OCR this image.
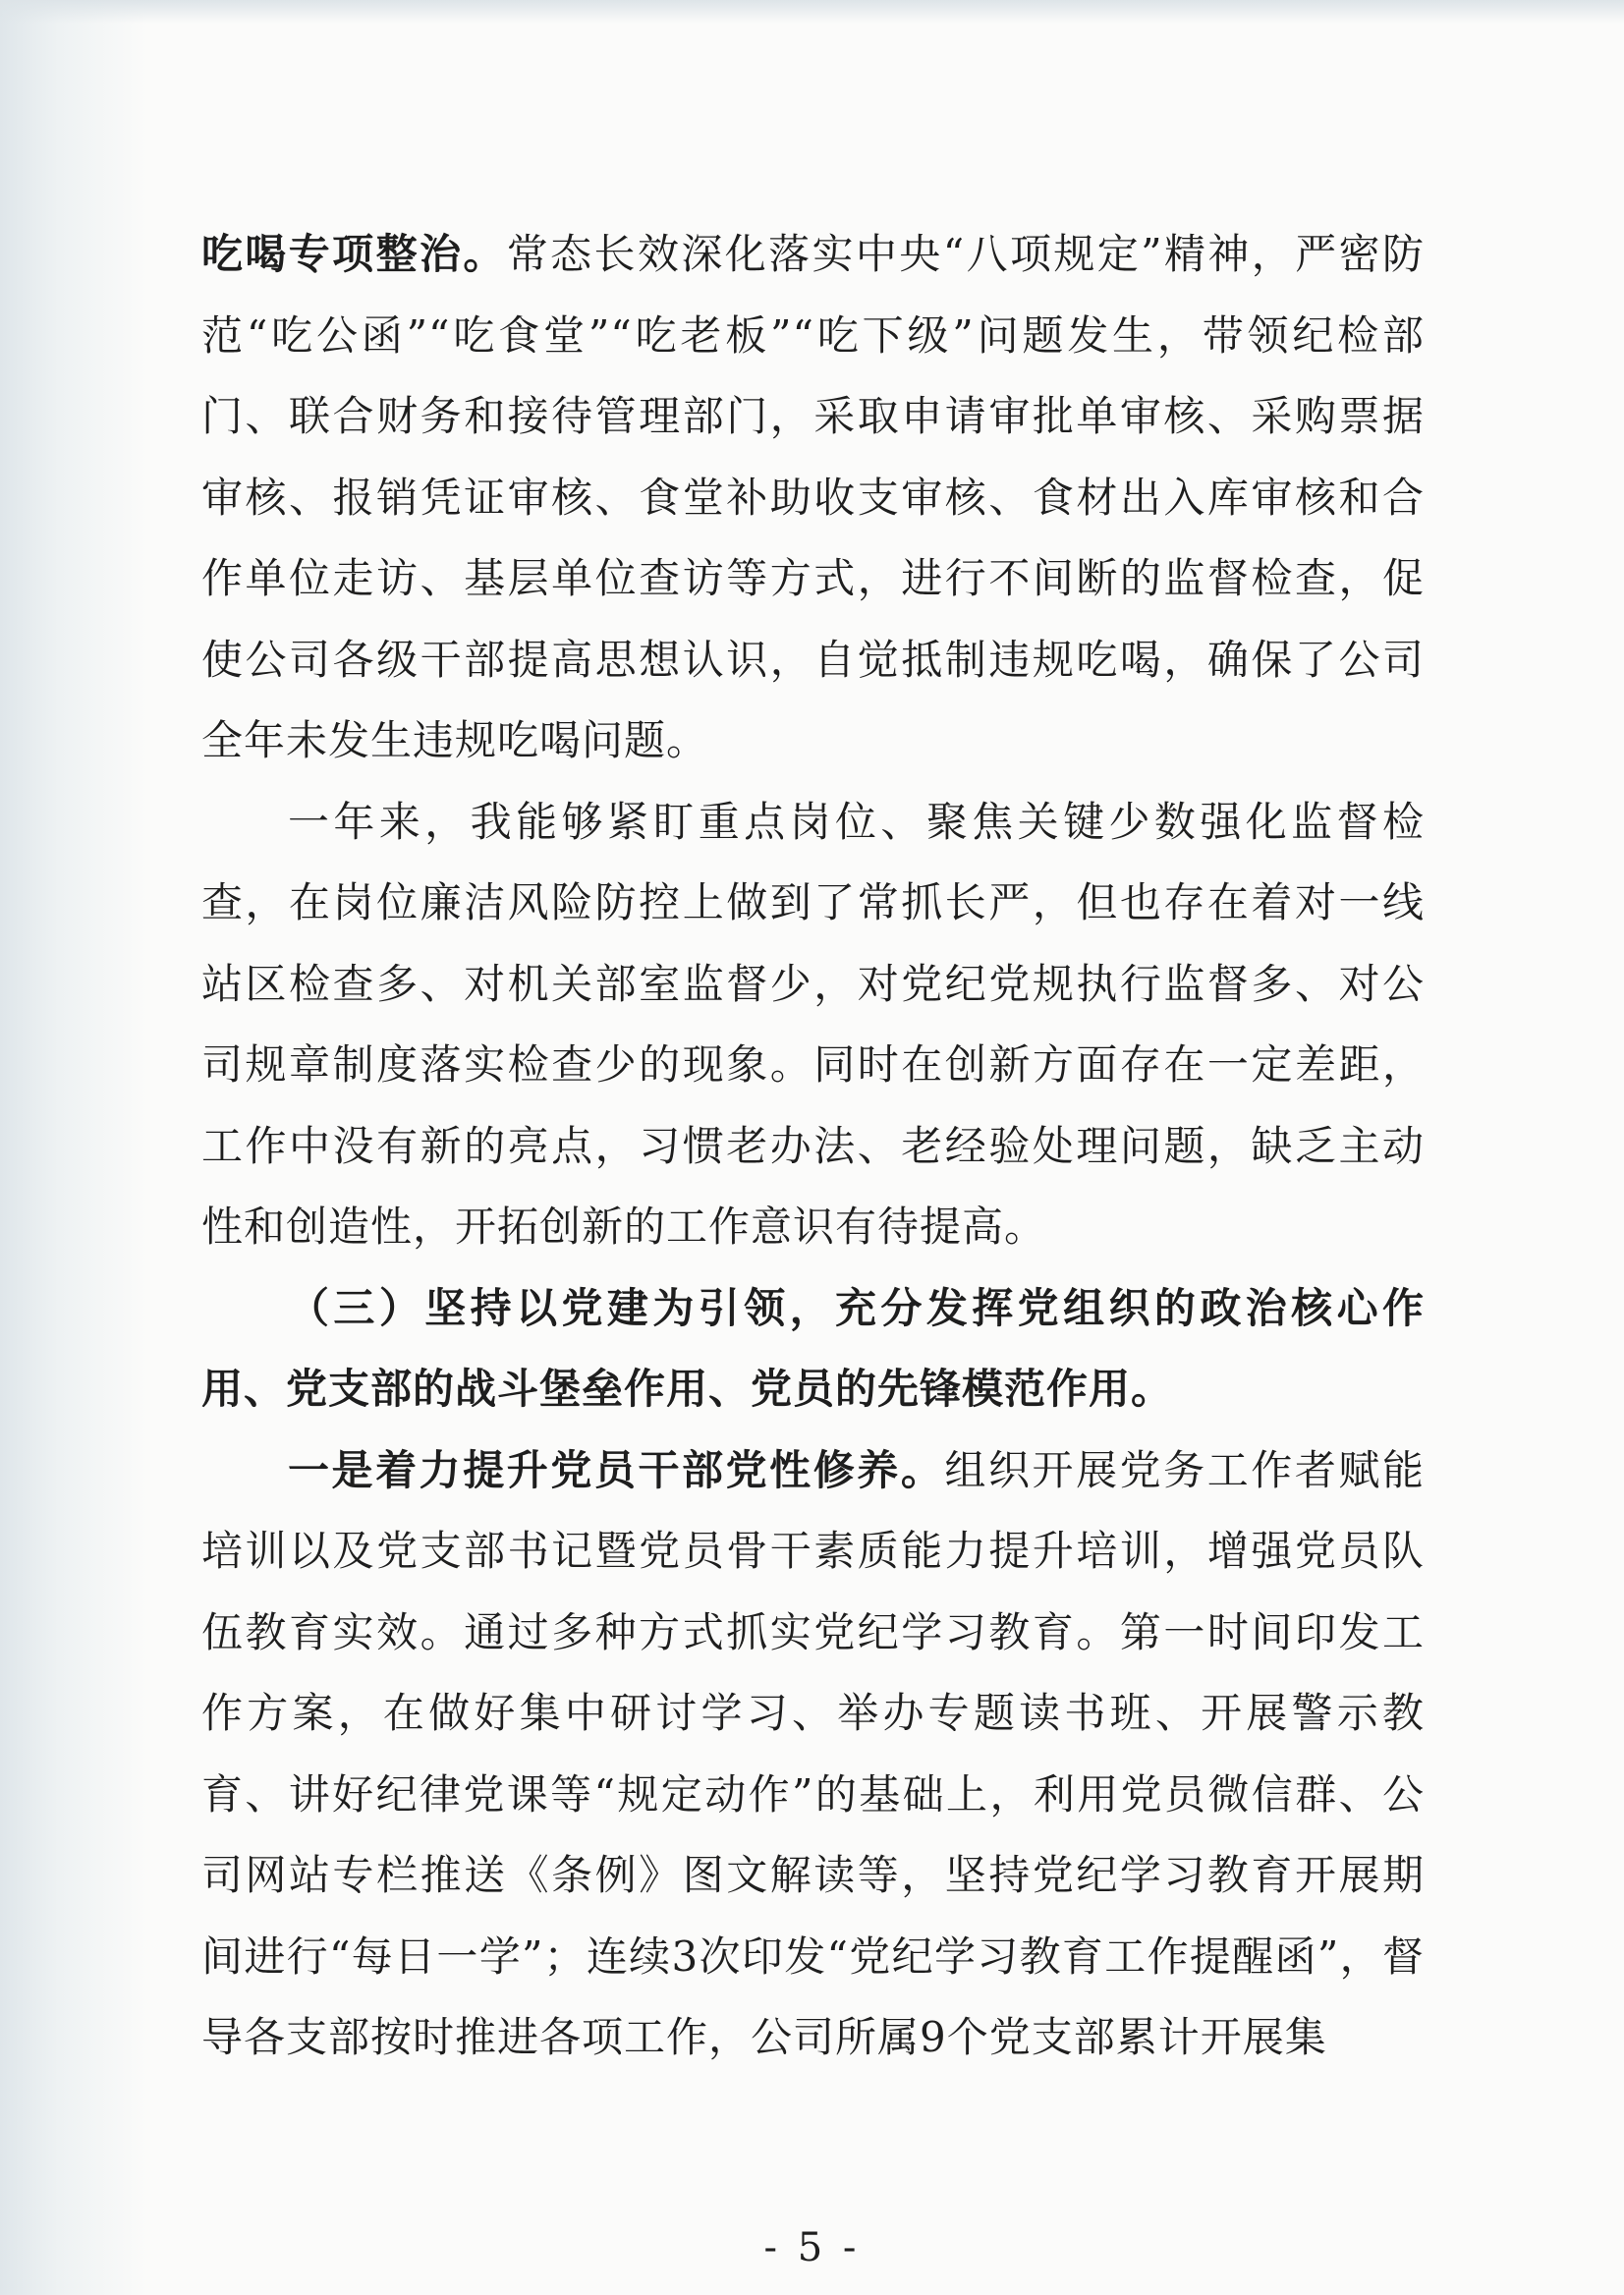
吃喝专项整治。常态长效深化落实中央“八项规定”精神，严密防范“吃公函”“吃食堂”“吃老板”“吃下级”问题发生，带领纪检部门、联合财务和接待管理部门，采取申请审批单审核、采购票据审核、报销凭证审核、食堂补助收支审核、食材出入库审核和合作单位走访、基层单位查访等方式，进行不间断的监督检查，促使公司各级干部提高思想认识，自觉抵制违规吃喝，确保了公司全年未发生违规吃喝问题。

一年来，我能够紧盯重点岗位、聚焦关键少数强化监督检查，在岗位廉洁风险防控上做到了常抓长严，但也存在着对一线站区检查多、对机关部室监督少，对党纪党规执行监督多、对公司规章制度落实检查少的现象。同时在创新方面存在一定差距，工作中没有新的亮点，习惯老办法、老经验处理问题，缺乏主动性和创造性，开拓创新的工作意识有待提高。

（三）坚持以党建为引领，充分发挥党组织的政治核心作用、党支部的战斗堡垒作用、党员的先锋模范作用。

一是着力提升党员干部党性修养。组织开展党务工作者赋能培训以及党支部书记暨党员骨干素质能力提升培训，增强党员队伍教育实效。通过多种方式抓实党纪学习教育。第一时间印发工作方案，在做好集中研讨学习、举办专题读书班、开展警示教育、讲好纪律党课等“规定动作”的基础上，利用党员微信群、公司网站专栏推送《条例》图文解读等，坚持党纪学习教育开展期间进行“每日一学”；连续3次印发“党纪学习教育工作提醒函”，督导各支部按时推进各项工作，公司所属9个党支部累计开展集

- 5 -
